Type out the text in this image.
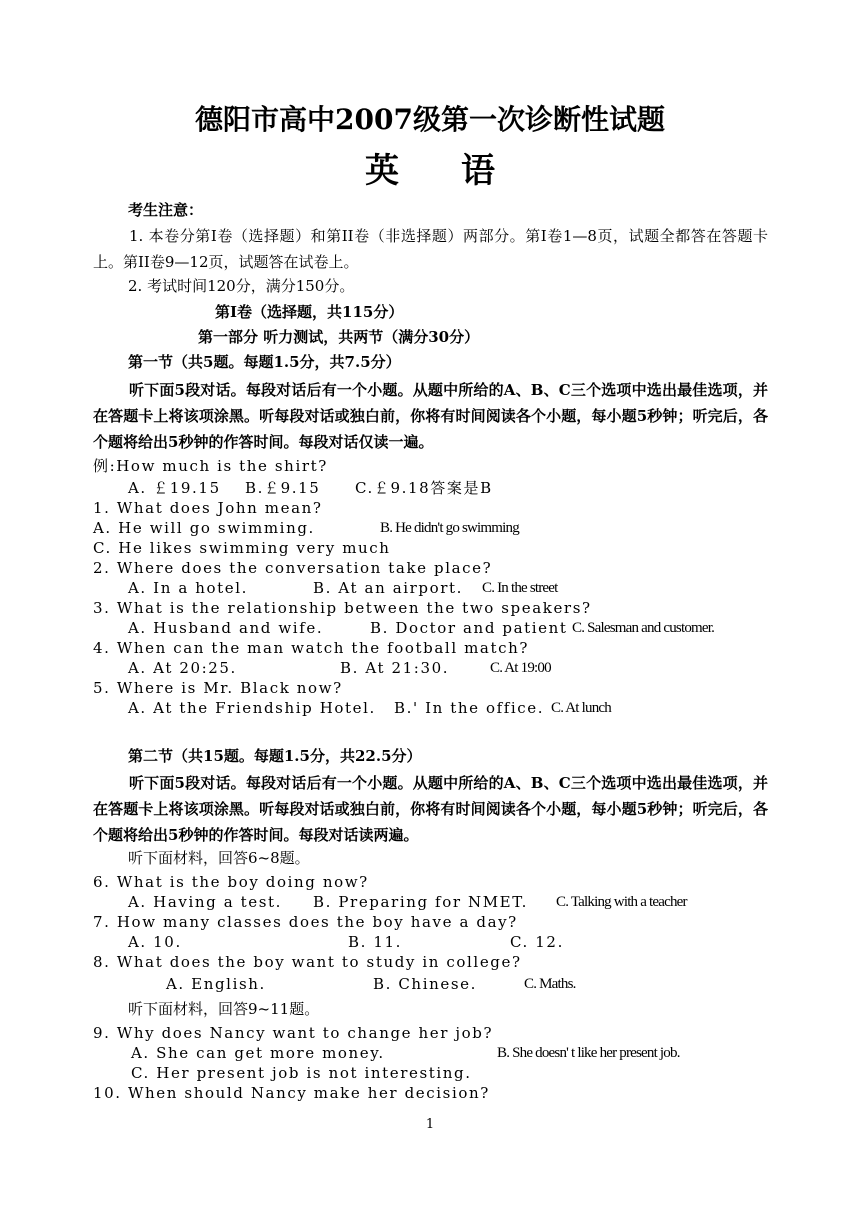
德阳市高中2007级第一次诊断性试题
英 语
考生注意：
1. 本卷分第I卷（选择题）和第II卷（非选择题）两部分。第I卷1—8页，试题全都答在答题卡上。第II卷9—12页，试题答在试卷上。
2. 考试时间120分，满分150分。
第I卷（选择题，共115分）
第一部分 听力测试，共两节（满分30分）
第一节（共5题。每题1.5分，共7.5分）
听下面5段对话。每段对话后有一个小题。从题中所给的A、B、C三个选项中选出最佳选项，并在答题卡上将该项涂黑。听每段对话或独白前，你将有时间阅读各个小题，每小题5秒钟；听完后，各个题将给出5秒钟的作答时间。每段对话仅读一遍。
例:How much is the shirt?
A. ￡19.15 B.￡9.15 C.￡9.18答案是B
1. What does John mean?
A. He will go swimming.	B. He didn't go swimming
C. He likes swimming very much
2. Where does the conversation take place?
A. In a hotel.	B. At an airport. C. In the street
3. What is the relationship between the two speakers?
A. Husband and wife.	B. Doctor and patient C. Salesman and customer.
4. When can the man watch the football match?
A. At 20:25.	B. At 21:30.	C. At 19:00
5. Where is Mr. Black now?
A. At the Friendship Hotel. B.' In the office. C. At lunch
第二节（共15题。每题1.5分，共22.5分）
听下面5段对话。每段对话后有一个小题。从题中所给的A、B、C三个选项中选出最佳选项，并在答题卡上将该项涂黑。听每段对话或独白前，你将有时间阅读各个小题，每小题5秒钟；听完后，各个题将给出5秒钟的作答时间。每段对话读两遍。
听下面材料，回答6~8题。
6. What is the boy doing now?
A. Having a test. B. Preparing for NMET. C. Talking with a teacher
7. How many classes does the boy have a day?
A. 10.	B. 11.	C. 12.
8. What does the boy want to study in college?
A. English.	B. Chinese.	C. Maths.
听下面材料，回答9~11题。
9. Why does Nancy want to change her job?
A. She can get more money.	B. She doesn' t like her present job.
C. Her present job is not interesting.
10. When should Nancy make her decision?
1
